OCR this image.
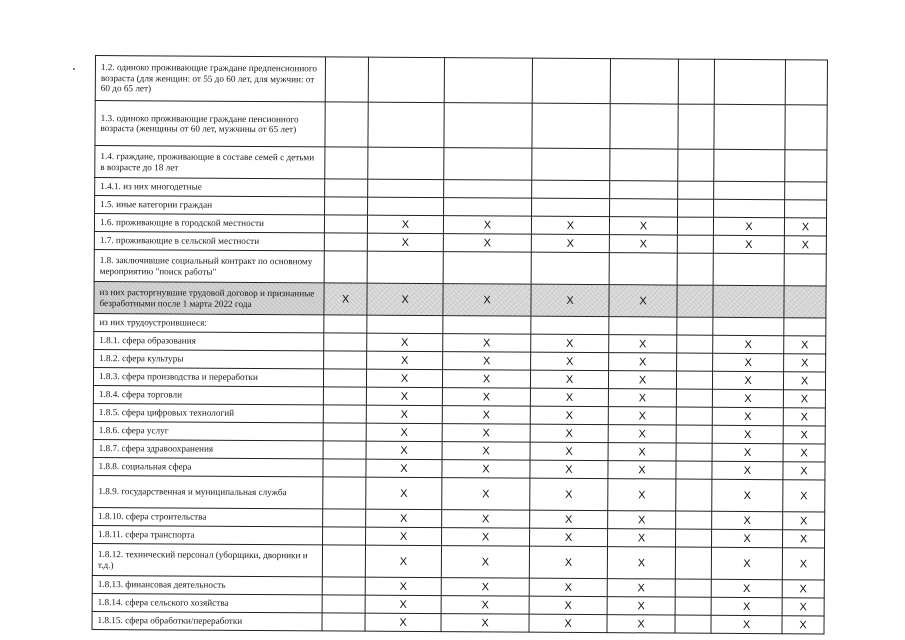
1.2. одиноко проживающие граждане предпенсионного возраста (для женщин: от 55 до 60 лет, для мужчин: от 60 до 65 лет)								
1.3. одиноко проживающие граждане пенсионного возраста (женщины от 60 лет, мужчины от 65 лет)								
1.4. граждане, проживающие в составе семей с детьми в возрасте до 18 лет								
1.4.1. из них многодетные								
1.5. иные категории граждан								
1.6. проживающие в городской местности		X	X	X	X		X	X
1.7. проживающие в сельской местности		X	X	X	X		X	X
1.8. заключившие социальный контракт по основному мероприятию "поиск работы"								
из них расторгнувшие трудовой договор и признанные безработными после 1 марта 2022 года	X	X	X	X	X			
из них трудоустроившиеся:								
1.8.1. сфера образования		X	X	X	X		X	X
1.8.2. сфера культуры		X	X	X	X		X	X
1.8.3. сфера производства и переработки		X	X	X	X		X	X
1.8.4. сфера торговли		X	X	X	X		X	X
1.8.5. сфера цифровых технологий		X	X	X	X		X	X
1.8.6. сфера услуг		X	X	X	X		X	X
1.8.7. сфера здравоохранения		X	X	X	X		X	X
1.8.8. социальная сфера		X	X	X	X		X	X
1.8.9. государственная и муниципальная служба		X	X	X	X		X	X
1.8.10. сфера строительства		X	X	X	X		X	X
1.8.11. сфера транспорта		X	X	X	X		X	X
1.8.12. технический персонал (уборщики, дворники и т.д.)		X	X	X	X		X	X
1.8.13. финансовая деятельность		X	X	X	X		X	X
1.8.14. сфера сельского хозяйства		X	X	X	X		X	X
1.8.15. сфера обработки/переработки		X	X	X	X		X	X
